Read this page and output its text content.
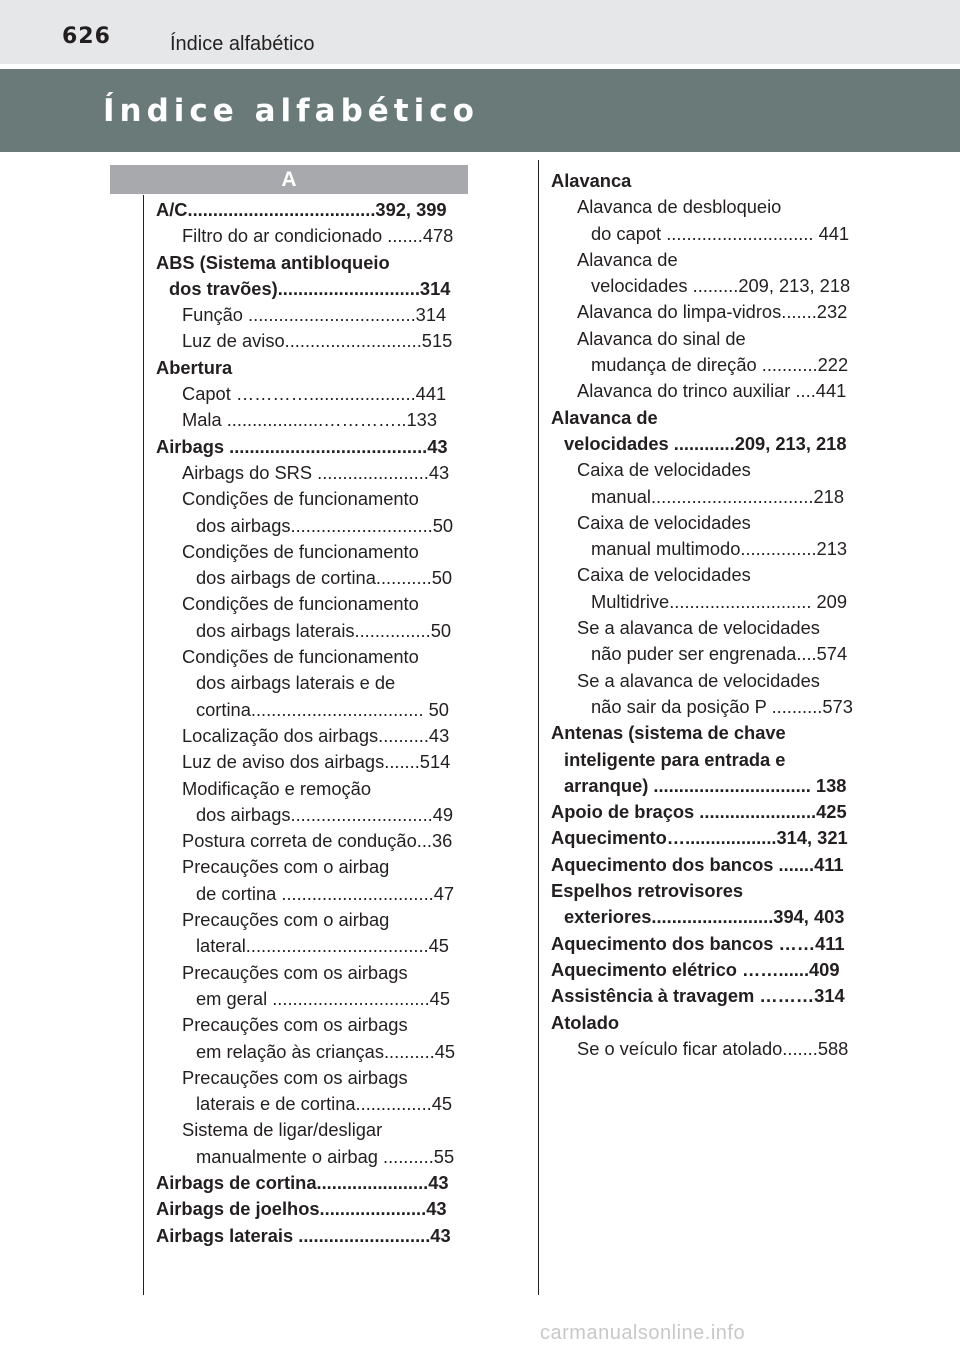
626	Índice alfabético
Índice alfabético
A
A/C.....................................392, 399
Filtro do ar condicionado .......478
ABS (Sistema antibloqueio
dos travões)............................314
Função .................................314
Luz de aviso...........................515
Abertura
Capot ………….....................441
Mala ...................…………..133
Airbags .......................................43
Airbags do SRS ......................43
Condições de funcionamento
dos airbags............................50
Condições de funcionamento
dos airbags de cortina...........50
Condições de funcionamento
dos airbags laterais...............50
Condições de funcionamento
dos airbags laterais e de
cortina.................................. 50
Localização dos airbags..........43
Luz de aviso dos airbags.......514
Modificação e remoção
dos airbags............................49
Postura correta de condução...36
Precauções com o airbag
de cortina ..............................47
Precauções com o airbag
lateral....................................45
Precauções com os airbags
em geral ...............................45
Precauções com os airbags
em relação às crianças..........45
Precauções com os airbags
laterais e de cortina...............45
Sistema de ligar/desligar
manualmente o airbag ..........55
Airbags de cortina......................43
Airbags de joelhos.....................43
Airbags laterais ..........................43
Alavanca
Alavanca de desbloqueio
do capot ............................. 441
Alavanca de
velocidades .........209, 213, 218
Alavanca do limpa-vidros.......232
Alavanca do sinal de
mudança de direção ...........222
Alavanca do trinco auxiliar ....441
Alavanca de
velocidades ............209, 213, 218
Caixa de velocidades
manual................................218
Caixa de velocidades
manual multimodo...............213
Caixa de velocidades
Multidrive............................ 209
Se a alavanca de velocidades
não puder ser engrenada....574
Se a alavanca de velocidades
não sair da posição P ..........573
Antenas (sistema de chave
inteligente para entrada e
arranque) ............................... 138
Apoio de braços .......................425
Aquecimento…..................314, 321
Aquecimento dos bancos .......411
Espelhos retrovisores
exteriores........................394, 403
Aquecimento dos bancos ……411
Aquecimento elétrico ……......409
Assistência à travagem ………314
Atolado
Se o veículo ficar atolado.......588
carmanualsonline.info
